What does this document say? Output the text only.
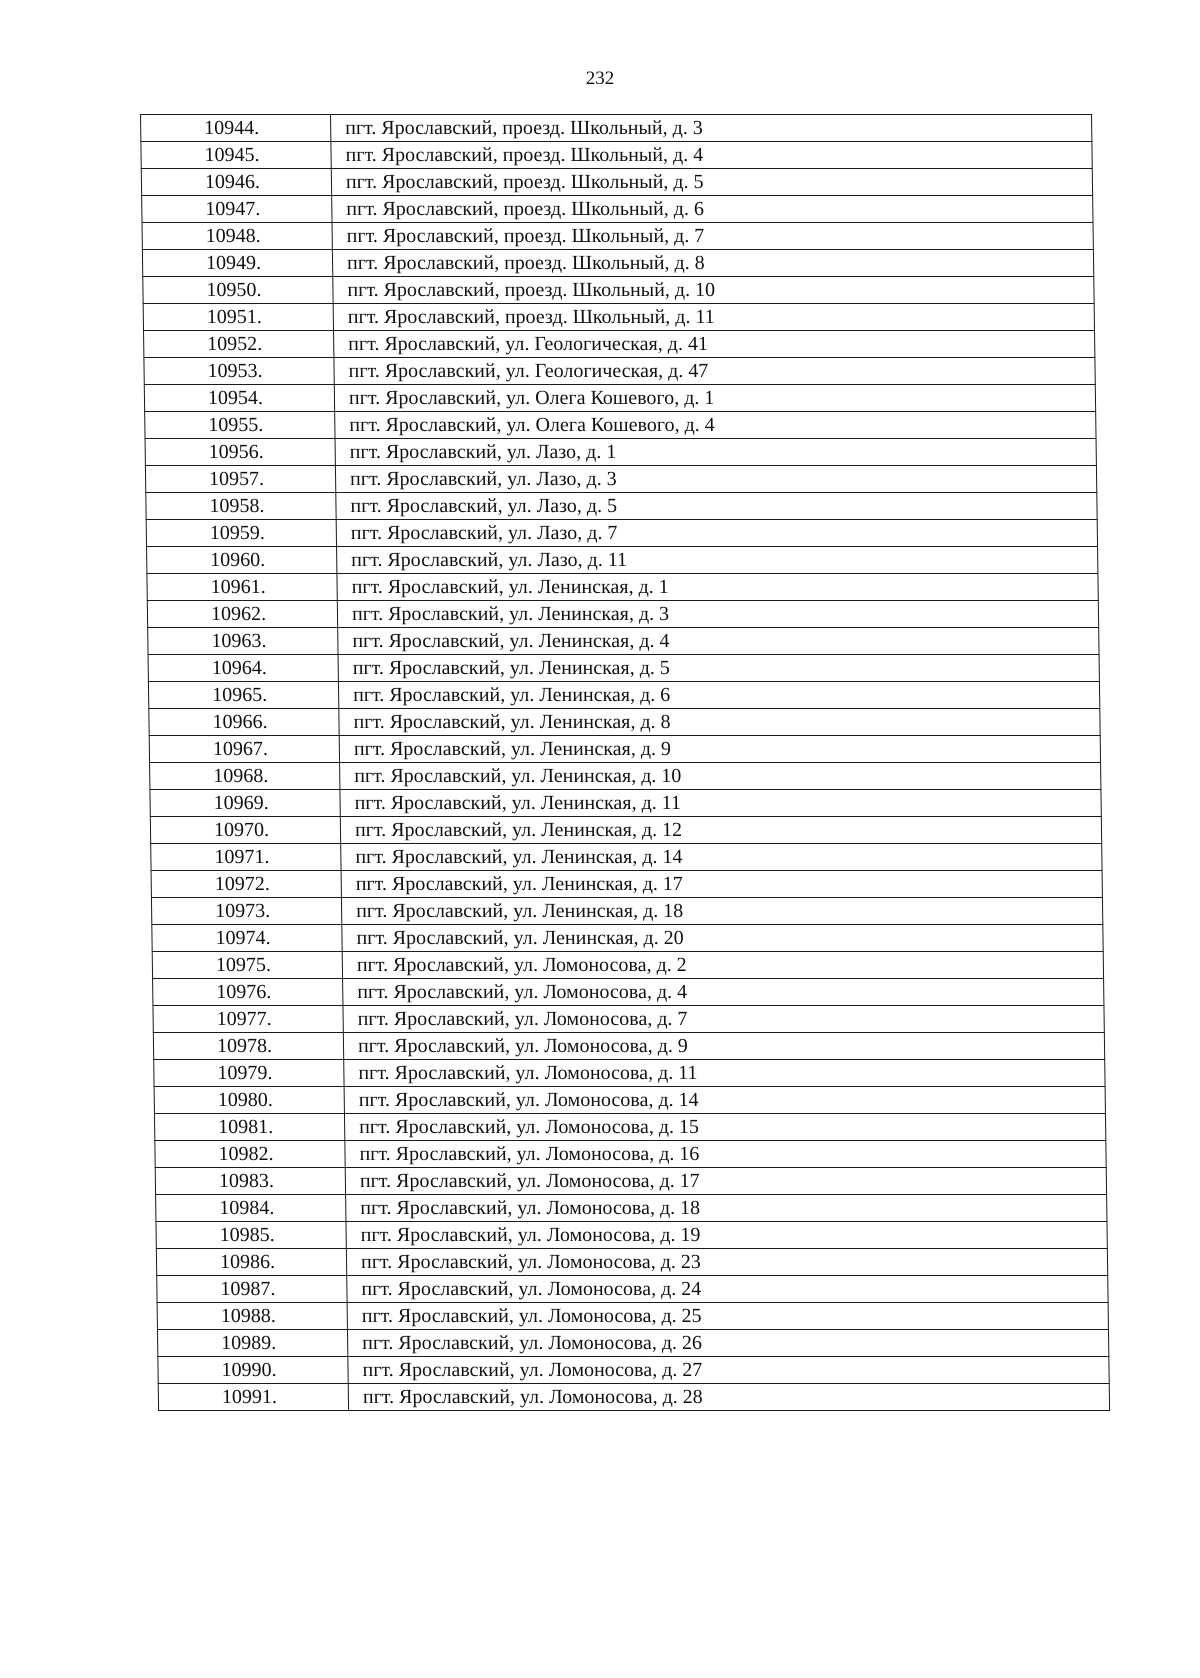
232
10944.	пгт. Ярославский, проезд. Школьный, д. 3
10945.	пгт. Ярославский, проезд. Школьный, д. 4
10946.	пгт. Ярославский, проезд. Школьный, д. 5
10947.	пгт. Ярославский, проезд. Школьный, д. 6
10948.	пгт. Ярославский, проезд. Школьный, д. 7
10949.	пгт. Ярославский, проезд. Школьный, д. 8
10950.	пгт. Ярославский, проезд. Школьный, д. 10
10951.	пгт. Ярославский, проезд. Школьный, д. 11
10952.	пгт. Ярославский, ул. Геологическая, д. 41
10953.	пгт. Ярославский, ул. Геологическая, д. 47
10954.	пгт. Ярославский, ул. Олега Кошевого, д. 1
10955.	пгт. Ярославский, ул. Олега Кошевого, д. 4
10956.	пгт. Ярославский, ул. Лазо, д. 1
10957.	пгт. Ярославский, ул. Лазо, д. 3
10958.	пгт. Ярославский, ул. Лазо, д. 5
10959.	пгт. Ярославский, ул. Лазо, д. 7
10960.	пгт. Ярославский, ул. Лазо, д. 11
10961.	пгт. Ярославский, ул. Ленинская, д. 1
10962.	пгт. Ярославский, ул. Ленинская, д. 3
10963.	пгт. Ярославский, ул. Ленинская, д. 4
10964.	пгт. Ярославский, ул. Ленинская, д. 5
10965.	пгт. Ярославский, ул. Ленинская, д. 6
10966.	пгт. Ярославский, ул. Ленинская, д. 8
10967.	пгт. Ярославский, ул. Ленинская, д. 9
10968.	пгт. Ярославский, ул. Ленинская, д. 10
10969.	пгт. Ярославский, ул. Ленинская, д. 11
10970.	пгт. Ярославский, ул. Ленинская, д. 12
10971.	пгт. Ярославский, ул. Ленинская, д. 14
10972.	пгт. Ярославский, ул. Ленинская, д. 17
10973.	пгт. Ярославский, ул. Ленинская, д. 18
10974.	пгт. Ярославский, ул. Ленинская, д. 20
10975.	пгт. Ярославский, ул. Ломоносова, д. 2
10976.	пгт. Ярославский, ул. Ломоносова, д. 4
10977.	пгт. Ярославский, ул. Ломоносова, д. 7
10978.	пгт. Ярославский, ул. Ломоносова, д. 9
10979.	пгт. Ярославский, ул. Ломоносова, д. 11
10980.	пгт. Ярославский, ул. Ломоносова, д. 14
10981.	пгт. Ярославский, ул. Ломоносова, д. 15
10982.	пгт. Ярославский, ул. Ломоносова, д. 16
10983.	пгт. Ярославский, ул. Ломоносова, д. 17
10984.	пгт. Ярославский, ул. Ломоносова, д. 18
10985.	пгт. Ярославский, ул. Ломоносова, д. 19
10986.	пгт. Ярославский, ул. Ломоносова, д. 23
10987.	пгт. Ярославский, ул. Ломоносова, д. 24
10988.	пгт. Ярославский, ул. Ломоносова, д. 25
10989.	пгт. Ярославский, ул. Ломоносова, д. 26
10990.	пгт. Ярославский, ул. Ломоносова, д. 27
10991.	пгт. Ярославский, ул. Ломоносова, д. 28
